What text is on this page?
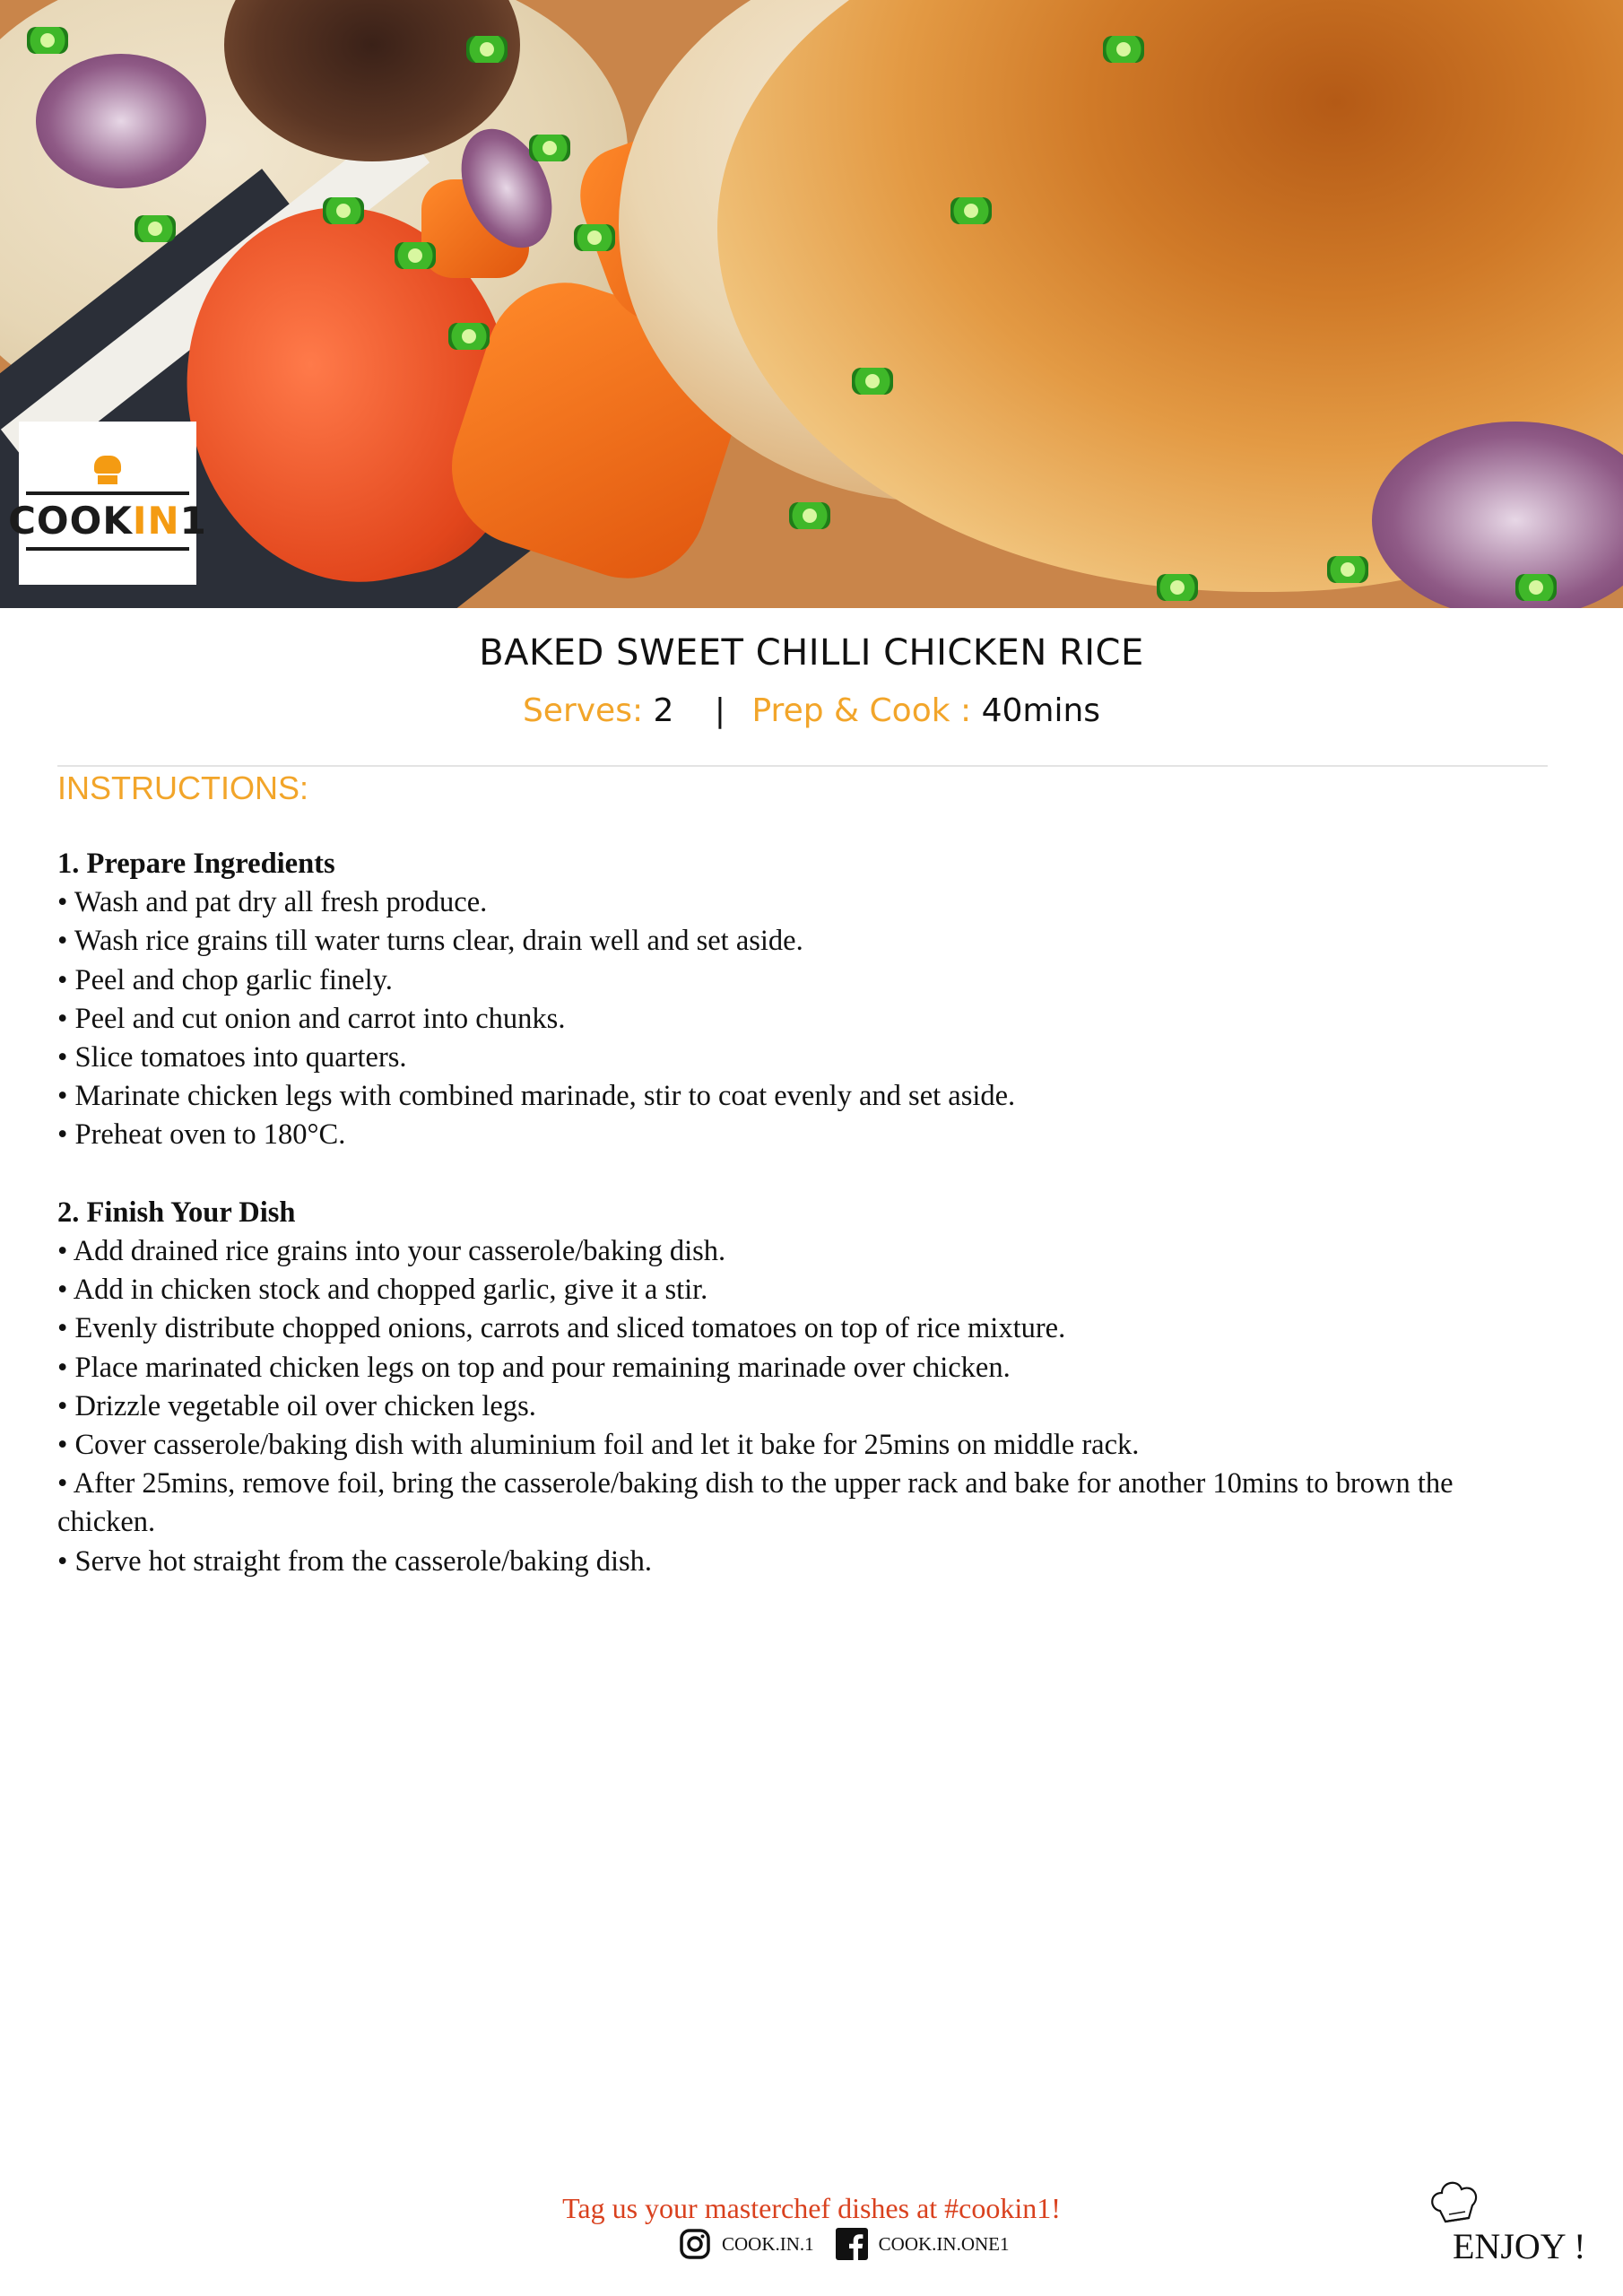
COOKIN1
BAKED SWEET CHILLI CHICKEN RICE
Serves: 2 | Prep & Cook : 40mins
INSTRUCTIONS:
1. Prepare Ingredients
• Wash and pat dry all fresh produce.
• Wash rice grains till water turns clear, drain well and set aside.
• Peel and chop garlic finely.
• Peel and cut onion and carrot into chunks.
• Slice tomatoes into quarters.
• Marinate chicken legs with combined marinade, stir to coat evenly and set aside.
• Preheat oven to 180°C.
2. Finish Your Dish
• Add drained rice grains into your casserole/baking dish.
• Add in chicken stock and chopped garlic, give it a stir.
• Evenly distribute chopped onions, carrots and sliced tomatoes on top of rice mixture.
• Place marinated chicken legs on top and pour remaining marinade over chicken.
• Drizzle vegetable oil over chicken legs.
• Cover casserole/baking dish with aluminium foil and let it bake for 25mins on middle rack.
• After 25mins, remove foil, bring the casserole/baking dish to the upper rack and bake for another 10mins to brown the chicken.
• Serve hot straight from the casserole/baking dish.
Tag us your masterchef dishes at #cookin1!
COOK.IN.1	COOK.IN.ONE1	ENJOY !
